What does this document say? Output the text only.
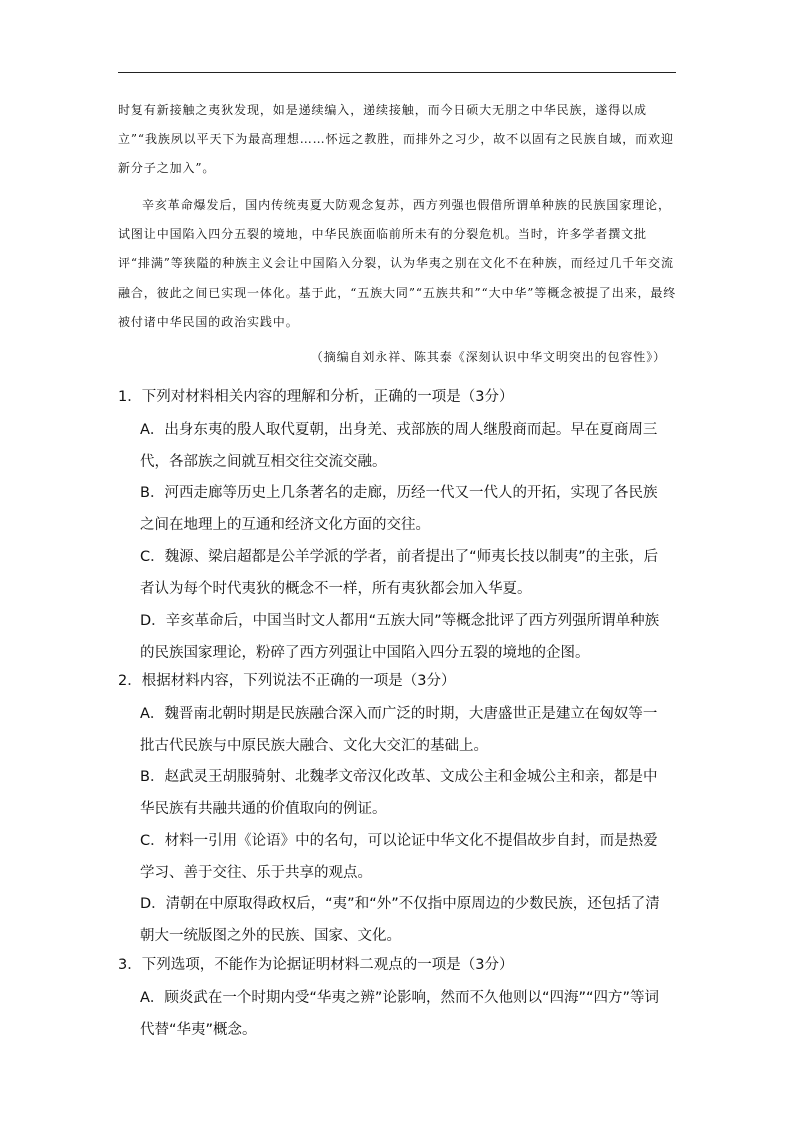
时复有新接触之夷狄发现，如是递续编入，递续接触，而今日硕大无朋之中华民族，遂得以成立”“我族夙以平天下为最高理想……怀远之教胜，而排外之习少，故不以固有之民族自域，而欢迎新分子之加入”。

辛亥革命爆发后，国内传统夷夏大防观念复苏，西方列强也假借所谓单种族的民族国家理论，试图让中国陷入四分五裂的境地，中华民族面临前所未有的分裂危机。当时，许多学者撰文批评“排满”等狭隘的种族主义会让中国陷入分裂，认为华夷之别在文化不在种族，而经过几千年交流融合，彼此之间已实现一体化。基于此，“五族大同”“五族共和”“大中华”等概念被提了出来，最终被付诸中华民国的政治实践中。

（摘编自刘永祥、陈其泰《深刻认识中华文明突出的包容性》）

1．下列对材料相关内容的理解和分析，正确的一项是（3分）

A．出身东夷的殷人取代夏朝，出身羌、戎部族的周人继殷商而起。早在夏商周三代，各部族之间就互相交往交流交融。

B．河西走廊等历史上几条著名的走廊，历经一代又一代人的开拓，实现了各民族之间在地理上的互通和经济文化方面的交往。

C．魏源、梁启超都是公羊学派的学者，前者提出了“师夷长技以制夷”的主张，后者认为每个时代夷狄的概念不一样，所有夷狄都会加入华夏。

D．辛亥革命后，中国当时文人都用“五族大同”等概念批评了西方列强所谓单种族的民族国家理论，粉碎了西方列强让中国陷入四分五裂的境地的企图。

2．根据材料内容，下列说法不正确的一项是（3分）

A．魏晋南北朝时期是民族融合深入而广泛的时期，大唐盛世正是建立在匈奴等一批古代民族与中原民族大融合、文化大交汇的基础上。

B．赵武灵王胡服骑射、北魏孝文帝汉化改革、文成公主和金城公主和亲，都是中华民族有共融共通的价值取向的例证。

C．材料一引用《论语》中的名句，可以论证中华文化不提倡故步自封，而是热爱学习、善于交往、乐于共享的观点。

D．清朝在中原取得政权后，“夷”和“外”不仅指中原周边的少数民族，还包括了清朝大一统版图之外的民族、国家、文化。

3．下列选项，不能作为论据证明材料二观点的一项是（3分）

A．顾炎武在一个时期内受“华夷之辨”论影响，然而不久他则以“四海”“四方”等词代替“华夷”概念。
